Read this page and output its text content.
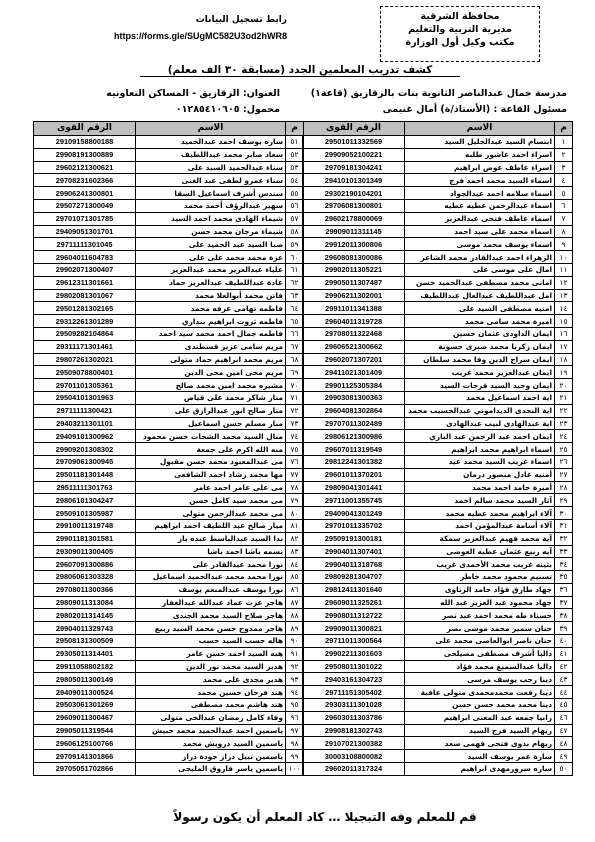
محافظة الشرقية
مديرية التربية والتعليم
مكتب وكيل أول الوزارة
رابط تسجيل البيانات
https://forms.gle/SUgMC582U3od2hWR8
كشف تدريب المعلمين الجدد (مسابقة ٣٠ الف معلم)
مدرسة جمال عبدالناصر الثانوية بنات بالزقازيق (قاعة١)
مسئول القاعة : (الأستاذ/ة) أمال غنيمى
العنوان: الزقازيق - المساكن التعاونيه
محمول: ٠١٢٨٥٤١٠٦٠٥
م	الاسم	الرقم القوى
١	ابتسام السيد عبدالجليل السيد	29501011332569
٢	اسراء احمد عاشور طلبه	29909052100221
٣	اسراء عاطف عوض ابراهيم	29709181304241
٤	اسماء السيد محمد احمد فرج	29410101301349
٥	اسماء سلامه احمد عبدالجواد	29302190104201
٦	اسماء عبدالرحمن عطيه عطيه	29706081300801
٧	اسماء عاطف فتحى عبدالعزيز	29602178800069
٨	اسماء محمد على سيد احمد	29909011311145
٩	اسماء يوسف محمد موسى	29912011300806
١٠	الزهراء احمد عبدالقادر محمد الشاعر	29608081300086
١١	امال على موسى على	29902011305221
١٢	امانى محمد مصطفى عبدالحميد حسن	29905011307487
١٣	امل عبداللطيف عبدالعال عبداللطيف	29906211302001
١٤	امنيه مصطفى السيد على	29911011341388
١٥	اميرة محمد سامى محمد	29604011319728
١٦	ايمان الداودى عثمان حسين	29708011322468
١٧	ايمان زكريا محمد صبرى حسونة	29606521300662
١٨	ايمان سراج الدين وفا محمد سلطان	29602071307201
١٩	ايمان عبدالعزيز محمد غريب	29411021301409
٢٠	ايمان وحيد السيد فرحات السيد	29901125305384
٢١	اية احمد اسماعيل محمد	29903081300363
٢٢	اية النجدى الديداموني عبدالحسيب محمد	29604081302864
٢٣	اية عبدالهادى لبيب عبدالهادى	29707011302489
٢٤	ايمان احمد عبد الرحمن عبد الباري	29806121300986
٢٥	اسماء ابراهيم محمد ابراهيم	29607011319549
٢٦	اسماء غريب السيد محمد عيد	29812241301382
٢٧	أمنيه عادل منصور درمان	29601011370201
٢٨	أميرة حامد احمد محمد	29809041301441
٢٩	آثار السيد محمد سالم احمد	29711001355745
٣٠	آلاء ابراهيم محمد عطيه محمد	29409041301249
٣١	آلاء أسامة عبدالمؤمن احمد	29701011335702
٣٢	آية محمد فهيم عبدالعزيز سمكة	29509191300181
٣٣	آيه ربيع عثمان عطيه العوضى	29904011307401
٣٤	بثينه غريب محمد الأحمدى غريب	29904011318768
٣٥	تسنيم محمود محمد خاطر	29809281304707
٣٦	جهاد طارق فؤاد حامد الزناوى	29812411301640
٣٧	جهاد محمود عبد العزيز عبد الله	29609011325261
٣٨	حسناء طه محمد احمد عبد نصر	29908011312722
٣٩	حنان سمير محمد موسى نصر	29909011300821
٤٠	حنان ناصر ابوالعاصى محمد على	29711011300564
٤١	داليا أشرف مصطفى مصيلحى	29902211301603
٤٢	داليا عبدالسميع محمد فؤاد	29508011301022
٤٣	دينا رجب يوسف مرسى	29403161304723
٤٤	دينا رفعت محمدمحمدى متولى عاقبة	29711151305402
٤٥	دينا محمد محمد حسن حسن	29303111301028
٤٦	رانيا جمعه عبد المغنى ابراهيم	29603011303786
٤٧	ريهام السيد فرج السيد	29908181302743
٤٨	ريهام بدوى فتحى فهمى سعد	29107021300382
٤٩	سارة عمر يوسف السيد	30003108800082
٥٠	ساره سرورمهدى ابراهيم	29602011317324
م	الاسم	الرقم القوى
٥١	ساره يوسف احمد عبدالحميد	29109158800188
٥٢	سعاد صابر محمد عبداللطيف	29908191300889
٥٣	سناء عبدالحميد السيد على	29602121300621
٥٤	سناء عمرو لطفى عبد الغنى	29708231602366
٥٥	سندس أشرف اسماعيل السقا	29906241300801
٥٦	سهير عبدالرؤف أحمد محمد	29507271300049
٥٧	شيماء الهادى محمد احمد السيد	29701071301785
٥٨	شيماء مرجان محمد حسن	29409051301701
٥٩	صبا السيد عبد الحميد على	29711111301045
٦٠	عزة محمد محمد على على	29604011604783
٦١	علياء عبدالعزيز محمد عبدالعزيز	29902071300407
٦٢	غادة عبداللطيف عبدالعزيز حماد	29612311301661
٦٣	فاتن محمد أبوالعلا محمد	29802081301067
٦٤	فاطمه تهامى عرفه محمد	29501281302165
٦٥	فاطمه ثروت ابراهيم بنداري	29312261301289
٦٦	فاطمه جمال احمد محمد سيد احمد	29509282104864
٦٧	مريم سامى عزيز قسطندى	29311171301461
٦٨	مريم محمد ابراهيم حماد متولى	29807261302021
٦٩	مريم محى امين محى الدين	29509078800401
٧٠	مشيره محمد امين محمد صالح	29701101305361
٧١	منار شاكر محمد على قياض	29504101301963
٧٢	منار صالح انور عبدالرازق على	29711111300421
٧٣	منار مسلم حسن اسماعيل	29403211301101
٧٤	منال السيد محمد الشحات حسن محمود	29409101300962
٧٥	منه الله اكرم على جمعة	29909201308302
٧٦	مى عبدالمعبود محمد حسن مقبول	29709061300945
٧٧	مها محمد رشاد احمد الشافعى	29501181301448
٧٨	مى على عامر احمد عامر	29511111301763
٧٩	مى محمد سيد كامل حسن	29806101304247
٨٠	مى محمد عبدالرحمن متولى	29509101305987
٨١	ميار صالح عبد اللطيف احمد ابراهيم	29910011319748
٨٢	ندا السيد عبدالباسط عبده باز	29901181301581
٨٣	نسمه باشا احمد باشا	29309011300405
٨٤	نورا محمد عبدالقادر على	29607091300886
٨٥	نورا محمد محمد عبدالحميد اسماعيل	29806061303328
٨٦	نورا يوسف عبدالمنعم يوسف	29708011300366
٨٧	هاجر عزت عماد عبدالله عبدالغفار	29809011313084
٨٨	هاجر صلاح السيد محمد الجندى	29802011314145
٨٩	هاجر ممدوح حسن محمد السيد ربيع	29904011329743
٩٠	هاله حسب السيد حسب	29508131300509
٩١	هبه السيد احمد حسن عامر	29305011314401
٩٢	هدير السيد محمد نور الدين	29911058802182
٩٣	هدير مجدى على محمد	29805011300149
٩٤	هند فرحان حسين محمد	29409011300524
٩٥	هند هاشم محمد مصطفى	29503061301269
٩٦	وفاء كامل رمضان عبدالحى متولى	29609011300467
٩٧	ياسمين احمد عبدالحميد محمد حبيش	29905011319544
٩٨	ياسمين السيد درويش محمد	29606125100766
٩٩	ياسمين نبيل دراز جودة دراز	29709141301866
١٠٠	ياسمين ياسر فاروق المليجى	29705051702866
قم للمعلم وفه التبجيلا … كاد المعلم أن يكون رسولاً
